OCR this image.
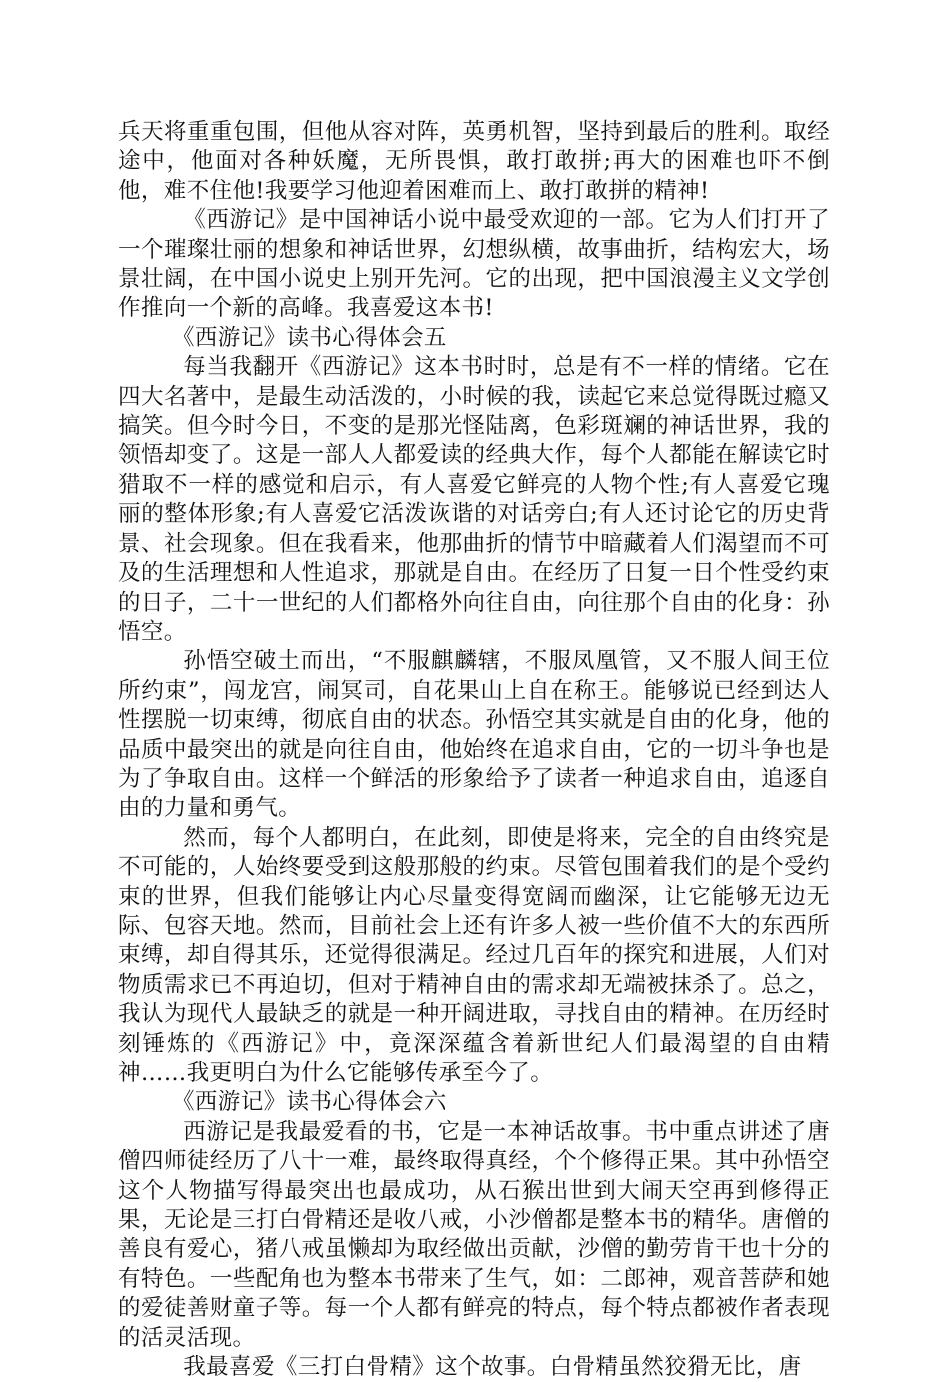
兵天将重重包围，但他从容对阵，英勇机智，坚持到最后的胜利。取经途中，他面对各种妖魔，无所畏惧，敢打敢拼;再大的困难也吓不倒他，难不住他!我要学习他迎着困难而上、敢打敢拼的精神!

《西游记》是中国神话小说中最受欢迎的一部。它为人们打开了一个璀璨壮丽的想象和神话世界，幻想纵横，故事曲折，结构宏大，场景壮阔，在中国小说史上别开先河。它的出现，把中国浪漫主义文学创作推向一个新的高峰。我喜爱这本书!

《西游记》读书心得体会五

每当我翻开《西游记》这本书时时，总是有不一样的情绪。它在四大名著中，是最生动活泼的，小时候的我，读起它来总觉得既过瘾又搞笑。但今时今日，不变的是那光怪陆离，色彩斑斓的神话世界，我的领悟却变了。这是一部人人都爱读的经典大作，每个人都能在解读它时猎取不一样的感觉和启示，有人喜爱它鲜亮的人物个性;有人喜爱它瑰丽的整体形象;有人喜爱它活泼诙谐的对话旁白;有人还讨论它的历史背景、社会现象。但在我看来，他那曲折的情节中暗藏着人们渴望而不可及的生活理想和人性追求，那就是自由。在经历了日复一日个性受约束的日子，二十一世纪的人们都格外向往自由，向往那个自由的化身：孙悟空。

孙悟空破土而出，“不服麒麟辖，不服凤凰管，又不服人间王位所约束”，闯龙宫，闹冥司，自花果山上自在称王。能够说已经到达人性摆脱一切束缚，彻底自由的状态。孙悟空其实就是自由的化身，他的品质中最突出的就是向往自由，他始终在追求自由，它的一切斗争也是为了争取自由。这样一个鲜活的形象给予了读者一种追求自由，追逐自由的力量和勇气。

然而，每个人都明白，在此刻，即使是将来，完全的自由终究是不可能的，人始终要受到这般那般的约束。尽管包围着我们的是个受约束的世界，但我们能够让内心尽量变得宽阔而幽深，让它能够无边无际、包容天地。然而，目前社会上还有许多人被一些价值不大的东西所束缚，却自得其乐，还觉得很满足。经过几百年的探究和进展，人们对物质需求已不再迫切，但对于精神自由的需求却无端被抹杀了。总之，我认为现代人最缺乏的就是一种开阔进取，寻找自由的精神。在历经时刻锤炼的《西游记》中，竟深深蕴含着新世纪人们最渴望的自由精神……我更明白为什么它能够传承至今了。

《西游记》读书心得体会六

西游记是我最爱看的书，它是一本神话故事。书中重点讲述了唐僧四师徒经历了八十一难，最终取得真经，个个修得正果。其中孙悟空这个人物描写得最突出也最成功，从石猴出世到大闹天空再到修得正果，无论是三打白骨精还是收八戒，小沙僧都是整本书的精华。唐僧的善良有爱心，猪八戒虽懒却为取经做出贡献，沙僧的勤劳肯干也十分的有特色。一些配角也为整本书带来了生气，如：二郎神，观音菩萨和她的爱徒善财童子等。每一个人都有鲜亮的特点，每个特点都被作者表现的活灵活现。

我最喜爱《三打白骨精》这个故事。白骨精虽然狡猾无比，唐
